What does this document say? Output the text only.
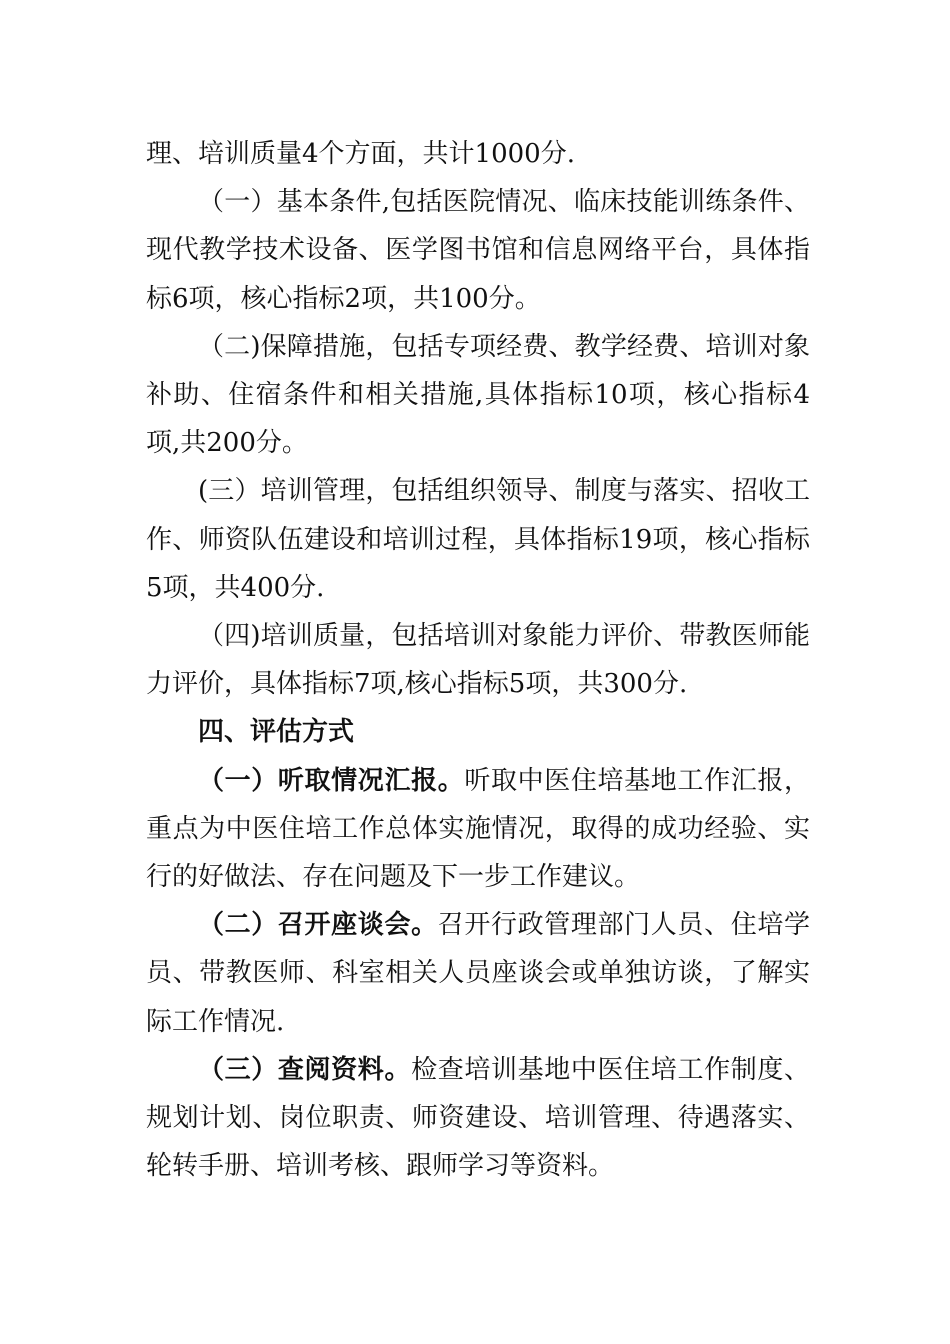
理、培训质量4个方面，共计1000分.

（一）基本条件,包括医院情况、临床技能训练条件、现代教学技术设备、医学图书馆和信息网络平台，具体指标6项，核心指标2项，共100分。

（二)保障措施，包括专项经费、教学经费、培训对象补助、住宿条件和相关措施,具体指标10项，核心指标4项,共200分。

(三）培训管理，包括组织领导、制度与落实、招收工作、师资队伍建设和培训过程，具体指标19项，核心指标5项，共400分.

（四)培训质量，包括培训对象能力评价、带教医师能力评价，具体指标7项,核心指标5项，共300分.

四、评估方式

（一）听取情况汇报。听取中医住培基地工作汇报，重点为中医住培工作总体实施情况，取得的成功经验、实行的好做法、存在问题及下一步工作建议。

（二）召开座谈会。召开行政管理部门人员、住培学员、带教医师、科室相关人员座谈会或单独访谈，了解实际工作情况.

（三）查阅资料。检查培训基地中医住培工作制度、规划计划、岗位职责、师资建设、培训管理、待遇落实、轮转手册、培训考核、跟师学习等资料。
